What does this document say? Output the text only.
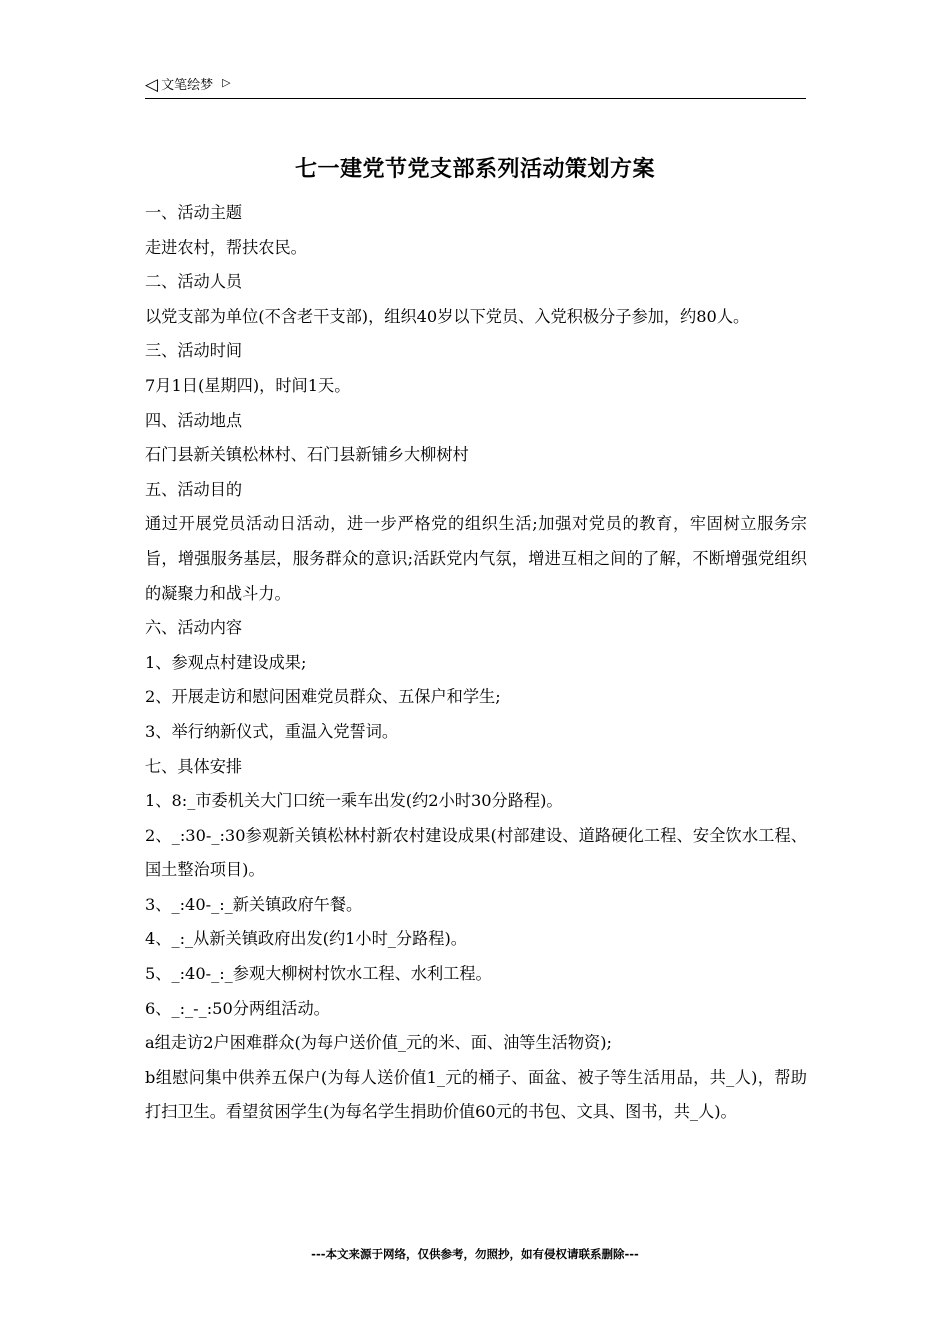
◁ 文笔绘梦 ▷
七一建党节党支部系列活动策划方案

一、活动主题

走进农村，帮扶农民。

二、活动人员

以党支部为单位(不含老干支部)，组织40岁以下党员、入党积极分子参加，约80人。

三、活动时间

7月1日(星期四)，时间1天。

四、活动地点

石门县新关镇松林村、石门县新铺乡大柳树村

五、活动目的

通过开展党员活动日活动，进一步严格党的组织生活;加强对党员的教育，牢固树立服务宗旨，增强服务基层，服务群众的意识;活跃党内气氛，增进互相之间的了解，不断增强党组织的凝聚力和战斗力。

六、活动内容

1、参观点村建设成果;

2、开展走访和慰问困难党员群众、五保户和学生;

3、举行纳新仪式，重温入党誓词。

七、具体安排

1、8:_市委机关大门口统一乘车出发(约2小时30分路程)。

2、_:30-_:30参观新关镇松林村新农村建设成果(村部建设、道路硬化工程、安全饮水工程、国土整治项目)。

3、_:40-_:_新关镇政府午餐。

4、_:_从新关镇政府出发(约1小时_分路程)。

5、_:40-_:_参观大柳树村饮水工程、水利工程。

6、_:_-_:50分两组活动。

a组走访2户困难群众(为每户送价值_元的米、面、油等生活物资);

b组慰问集中供养五保户(为每人送价值1_元的桶子、面盆、被子等生活用品，共_人)，帮助打扫卫生。看望贫困学生(为每名学生捐助价值60元的书包、文具、图书，共_人)。

---本文来源于网络，仅供参考，勿照抄，如有侵权请联系删除---
